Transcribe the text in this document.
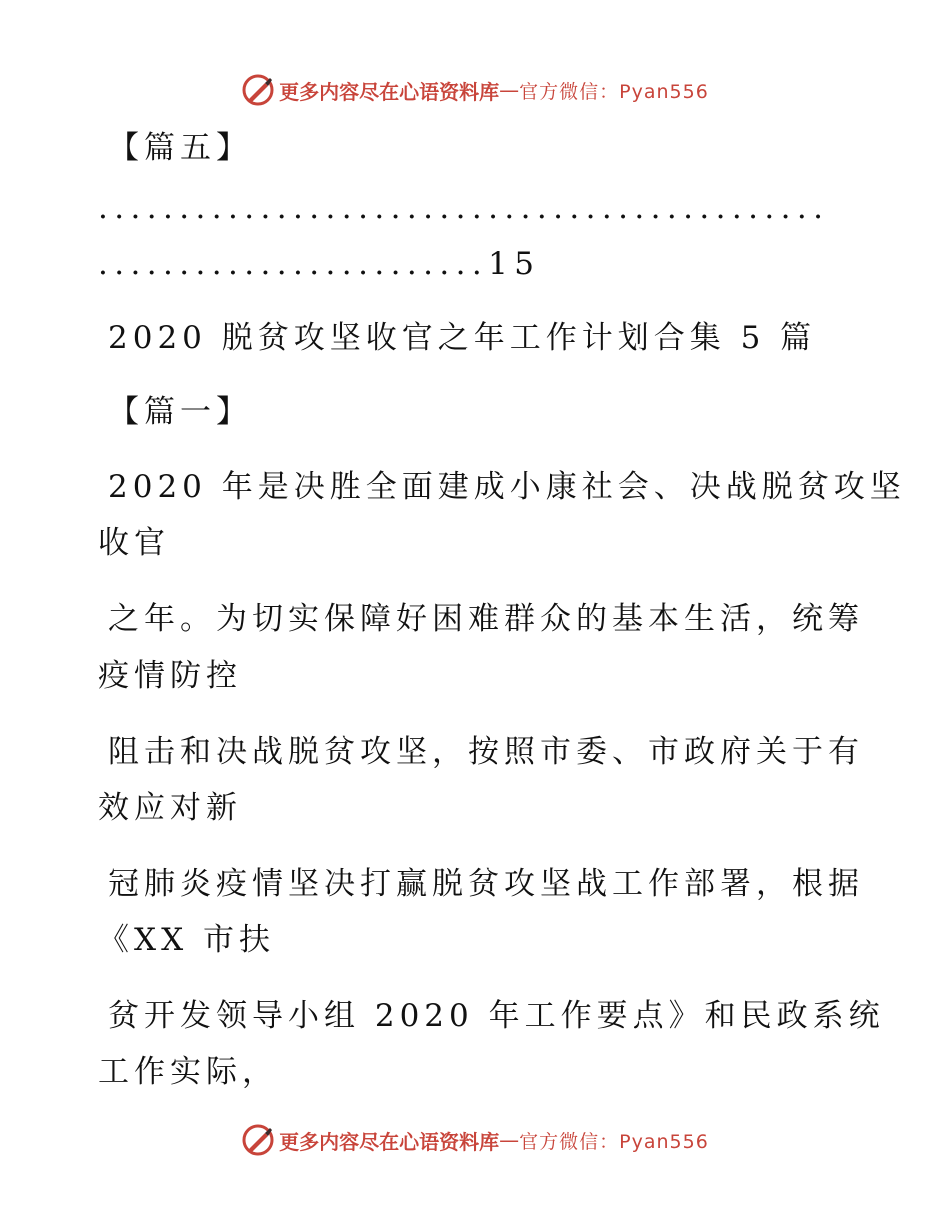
更多内容尽在心语资料库 — 官方微信：Pyan556
【篇五】
.............................................
........................15
2020 脱贫攻坚收官之年工作计划合集 5 篇
【篇一】
2020 年是决胜全面建成小康社会、决战脱贫攻坚
收官
之年。为切实保障好困难群众的基本生活，统筹
疫情防控
阻击和决战脱贫攻坚，按照市委、市政府关于有
效应对新
冠肺炎疫情坚决打赢脱贫攻坚战工作部署，根据
《XX 市扶
贫开发领导小组 2020 年工作要点》和民政系统
工作实际，
更多内容尽在心语资料库 — 官方微信：Pyan556
